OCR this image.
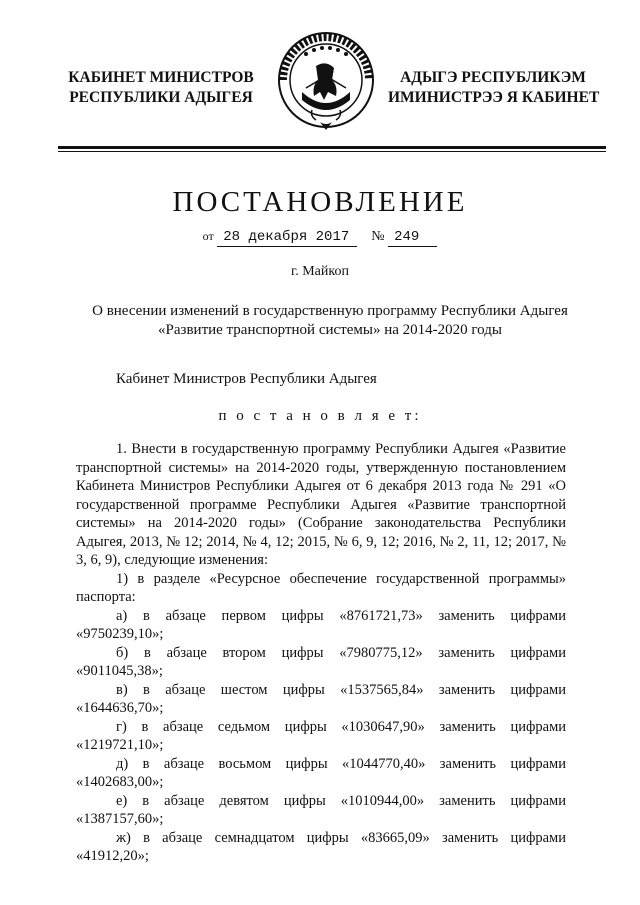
КАБИНЕТ МИНИСТРОВ
РЕСПУБЛИКИ АДЫГЕЯ
АДЫГЭ РЕСПУБЛИКЭМ
ИМИНИСТРЭЭ Я КАБИНЕТ
ПОСТАНОВЛЕНИЕ
от 28 декабря 2017 № 249
г. Майкоп
О внесении изменений в государственную программу Республики Адыгея
«Развитие транспортной системы» на 2014-2020 годы
Кабинет Министров Республики Адыгея
п о с т а н о в л я е т:

1. Внести в государственную программу Республики Адыгея «Развитие транспортной системы» на 2014-2020 годы, утвержденную постановлением Кабинета Министров Республики Адыгея от 6 декабря 2013 года № 291 «О государственной программе Республики Адыгея «Развитие транспортной системы» на 2014-2020 годы» (Собрание законодательства Республики Адыгея, 2013, № 12; 2014, № 4, 12; 2015, № 6, 9, 12; 2016, № 2, 11, 12; 2017, № 3, 6, 9), следующие изменения:

1) в разделе «Ресурсное обеспечение государственной программы» паспорта:

а) в абзаце первом цифры «8761721,73» заменить цифрами
«9750239,10»;
б) в абзаце втором цифры «7980775,12» заменить цифрами
«9011045,38»;
в) в абзаце шестом цифры «1537565,84» заменить цифрами
«1644636,70»;
г) в абзаце седьмом цифры «1030647,90» заменить цифрами
«1219721,10»;
д) в абзаце восьмом цифры «1044770,40» заменить цифрами
«1402683,00»;
е) в абзаце девятом цифры «1010944,00» заменить цифрами
«1387157,60»;
ж) в абзаце семнадцатом цифры «83665,09» заменить цифрами
«41912,20»;
